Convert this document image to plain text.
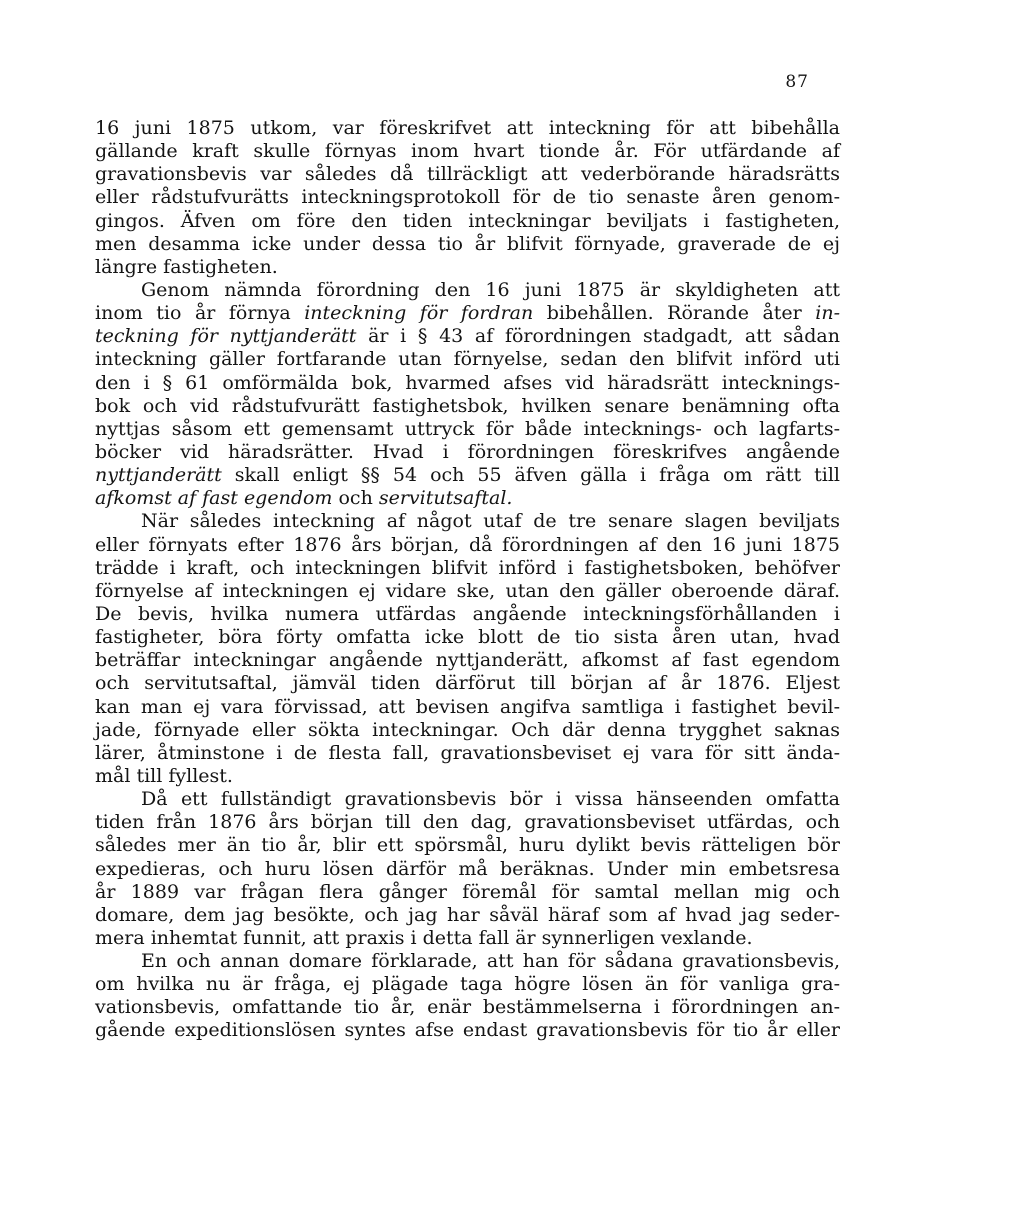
87
16 juni 1875 utkom, var föreskrifvet att inteckning för att bibehålla
gällande kraft skulle förnyas inom hvart tionde år. För utfärdande af
gravationsbevis var således då tillräckligt att vederbörande häradsrätts
eller rådstufvurätts inteckningsprotokoll för de tio senaste åren genom-
gingos. Äfven om före den tiden inteckningar beviljats i fastigheten,
men desamma icke under dessa tio år blifvit förnyade, graverade de ej
längre fastigheten.
Genom nämnda förordning den 16 juni 1875 är skyldigheten att
inom tio år förnya inteckning för fordran bibehållen. Rörande åter in-
teckning för nyttjanderätt är i § 43 af förordningen stadgadt, att sådan
inteckning gäller fortfarande utan förnyelse, sedan den blifvit införd uti
den i § 61 omförmälda bok, hvarmed afses vid häradsrätt intecknings-
bok och vid rådstufvurätt fastighetsbok, hvilken senare benämning ofta
nyttjas såsom ett gemensamt uttryck för både intecknings- och lagfarts-
böcker vid häradsrätter. Hvad i förordningen föreskrifves angående
nyttjanderätt skall enligt §§ 54 och 55 äfven gälla i fråga om rätt till
afkomst af fast egendom och servitutsaftal.
När således inteckning af något utaf de tre senare slagen beviljats
eller förnyats efter 1876 års början, då förordningen af den 16 juni 1875
trädde i kraft, och inteckningen blifvit införd i fastighetsboken, behöfver
förnyelse af inteckningen ej vidare ske, utan den gäller oberoende däraf.
De bevis, hvilka numera utfärdas angående inteckningsförhållanden i
fastigheter, böra förty omfatta icke blott de tio sista åren utan, hvad
beträffar inteckningar angående nyttjanderätt, afkomst af fast egendom
och servitutsaftal, jämväl tiden därförut till början af år 1876. Eljest
kan man ej vara förvissad, att bevisen angifva samtliga i fastighet bevil-
jade, förnyade eller sökta inteckningar. Och där denna trygghet saknas
lärer, åtminstone i de flesta fall, gravationsbeviset ej vara för sitt ända-
mål till fyllest.
Då ett fullständigt gravationsbevis bör i vissa hänseenden omfatta
tiden från 1876 års början till den dag, gravationsbeviset utfärdas, och
således mer än tio år, blir ett spörsmål, huru dylikt bevis rätteligen bör
expedieras, och huru lösen därför må beräknas. Under min embetsresa
år 1889 var frågan flera gånger föremål för samtal mellan mig och
domare, dem jag besökte, och jag har såväl häraf som af hvad jag seder-
mera inhemtat funnit, att praxis i detta fall är synnerligen vexlande.
En och annan domare förklarade, att han för sådana gravationsbevis,
om hvilka nu är fråga, ej plägade taga högre lösen än för vanliga gra-
vationsbevis, omfattande tio år, enär bestämmelserna i förordningen an-
gående expeditionslösen syntes afse endast gravationsbevis för tio år eller
